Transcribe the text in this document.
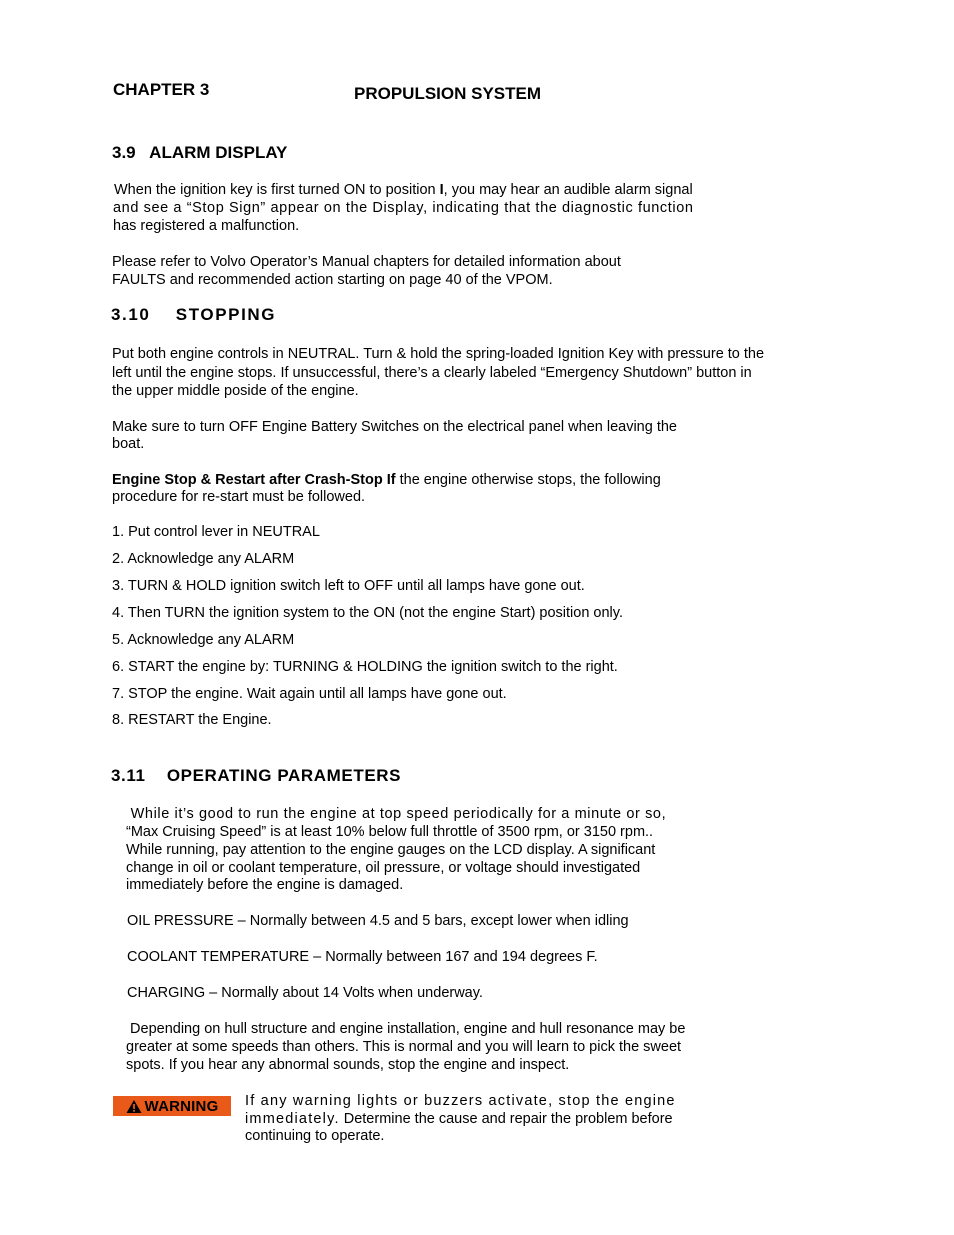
CHAPTER 3	PROPULSION SYSTEM
3.9   ALARM DISPLAY
When the ignition key is first turned ON to position I, you may hear an audible alarm signal
and see a “Stop Sign” appear on the Display, indicating that the diagnostic function
has registered a malfunction.
Please refer to Volvo Operator’s Manual chapters for detailed information about
FAULTS and recommended action starting on page 40 of the VPOM.
3.10    STOPPING
Put both engine controls in NEUTRAL. Turn & hold the spring-loaded Ignition Key with pressure to the
left until the engine stops. If unsuccessful, there’s a clearly labeled “Emergency Shutdown” button in
the upper middle poside of the engine.
Make sure to turn OFF Engine Battery Switches on the electrical panel when leaving the
boat.
Engine Stop & Restart after Crash-Stop If the engine otherwise stops, the following
procedure for re-start must be followed.
1. Put control lever in NEUTRAL
2. Acknowledge any ALARM
3. TURN & HOLD ignition switch left to OFF until all lamps have gone out.
4. Then TURN the ignition system to the ON (not the engine Start) position only.
5. Acknowledge any ALARM
6. START the engine by: TURNING & HOLDING the ignition switch to the right.
7. STOP the engine. Wait again until all lamps have gone out.
8. RESTART the Engine.
3.11    OPERATING PARAMETERS
While it’s good to run the engine at top speed periodically for a minute or so,
“Max Cruising Speed” is at least 10% below full throttle of 3500 rpm, or 3150 rpm..
While running, pay attention to the engine gauges on the LCD display. A significant
change in oil or coolant temperature, oil pressure, or voltage should investigated
immediately before the engine is damaged.
OIL PRESSURE – Normally between 4.5 and 5 bars, except lower when idling
COOLANT TEMPERATURE – Normally between 167 and 194 degrees F.
CHARGING – Normally about 14 Volts when underway.
Depending on hull structure and engine installation, engine and hull resonance may be
greater at some speeds than others. This is normal and you will learn to pick the sweet
spots. If you hear any abnormal sounds, stop the engine and inspect.
WARNING If any warning lights or buzzers activate, stop the engine
immediately. Determine the cause and repair the problem before
continuing to operate.
